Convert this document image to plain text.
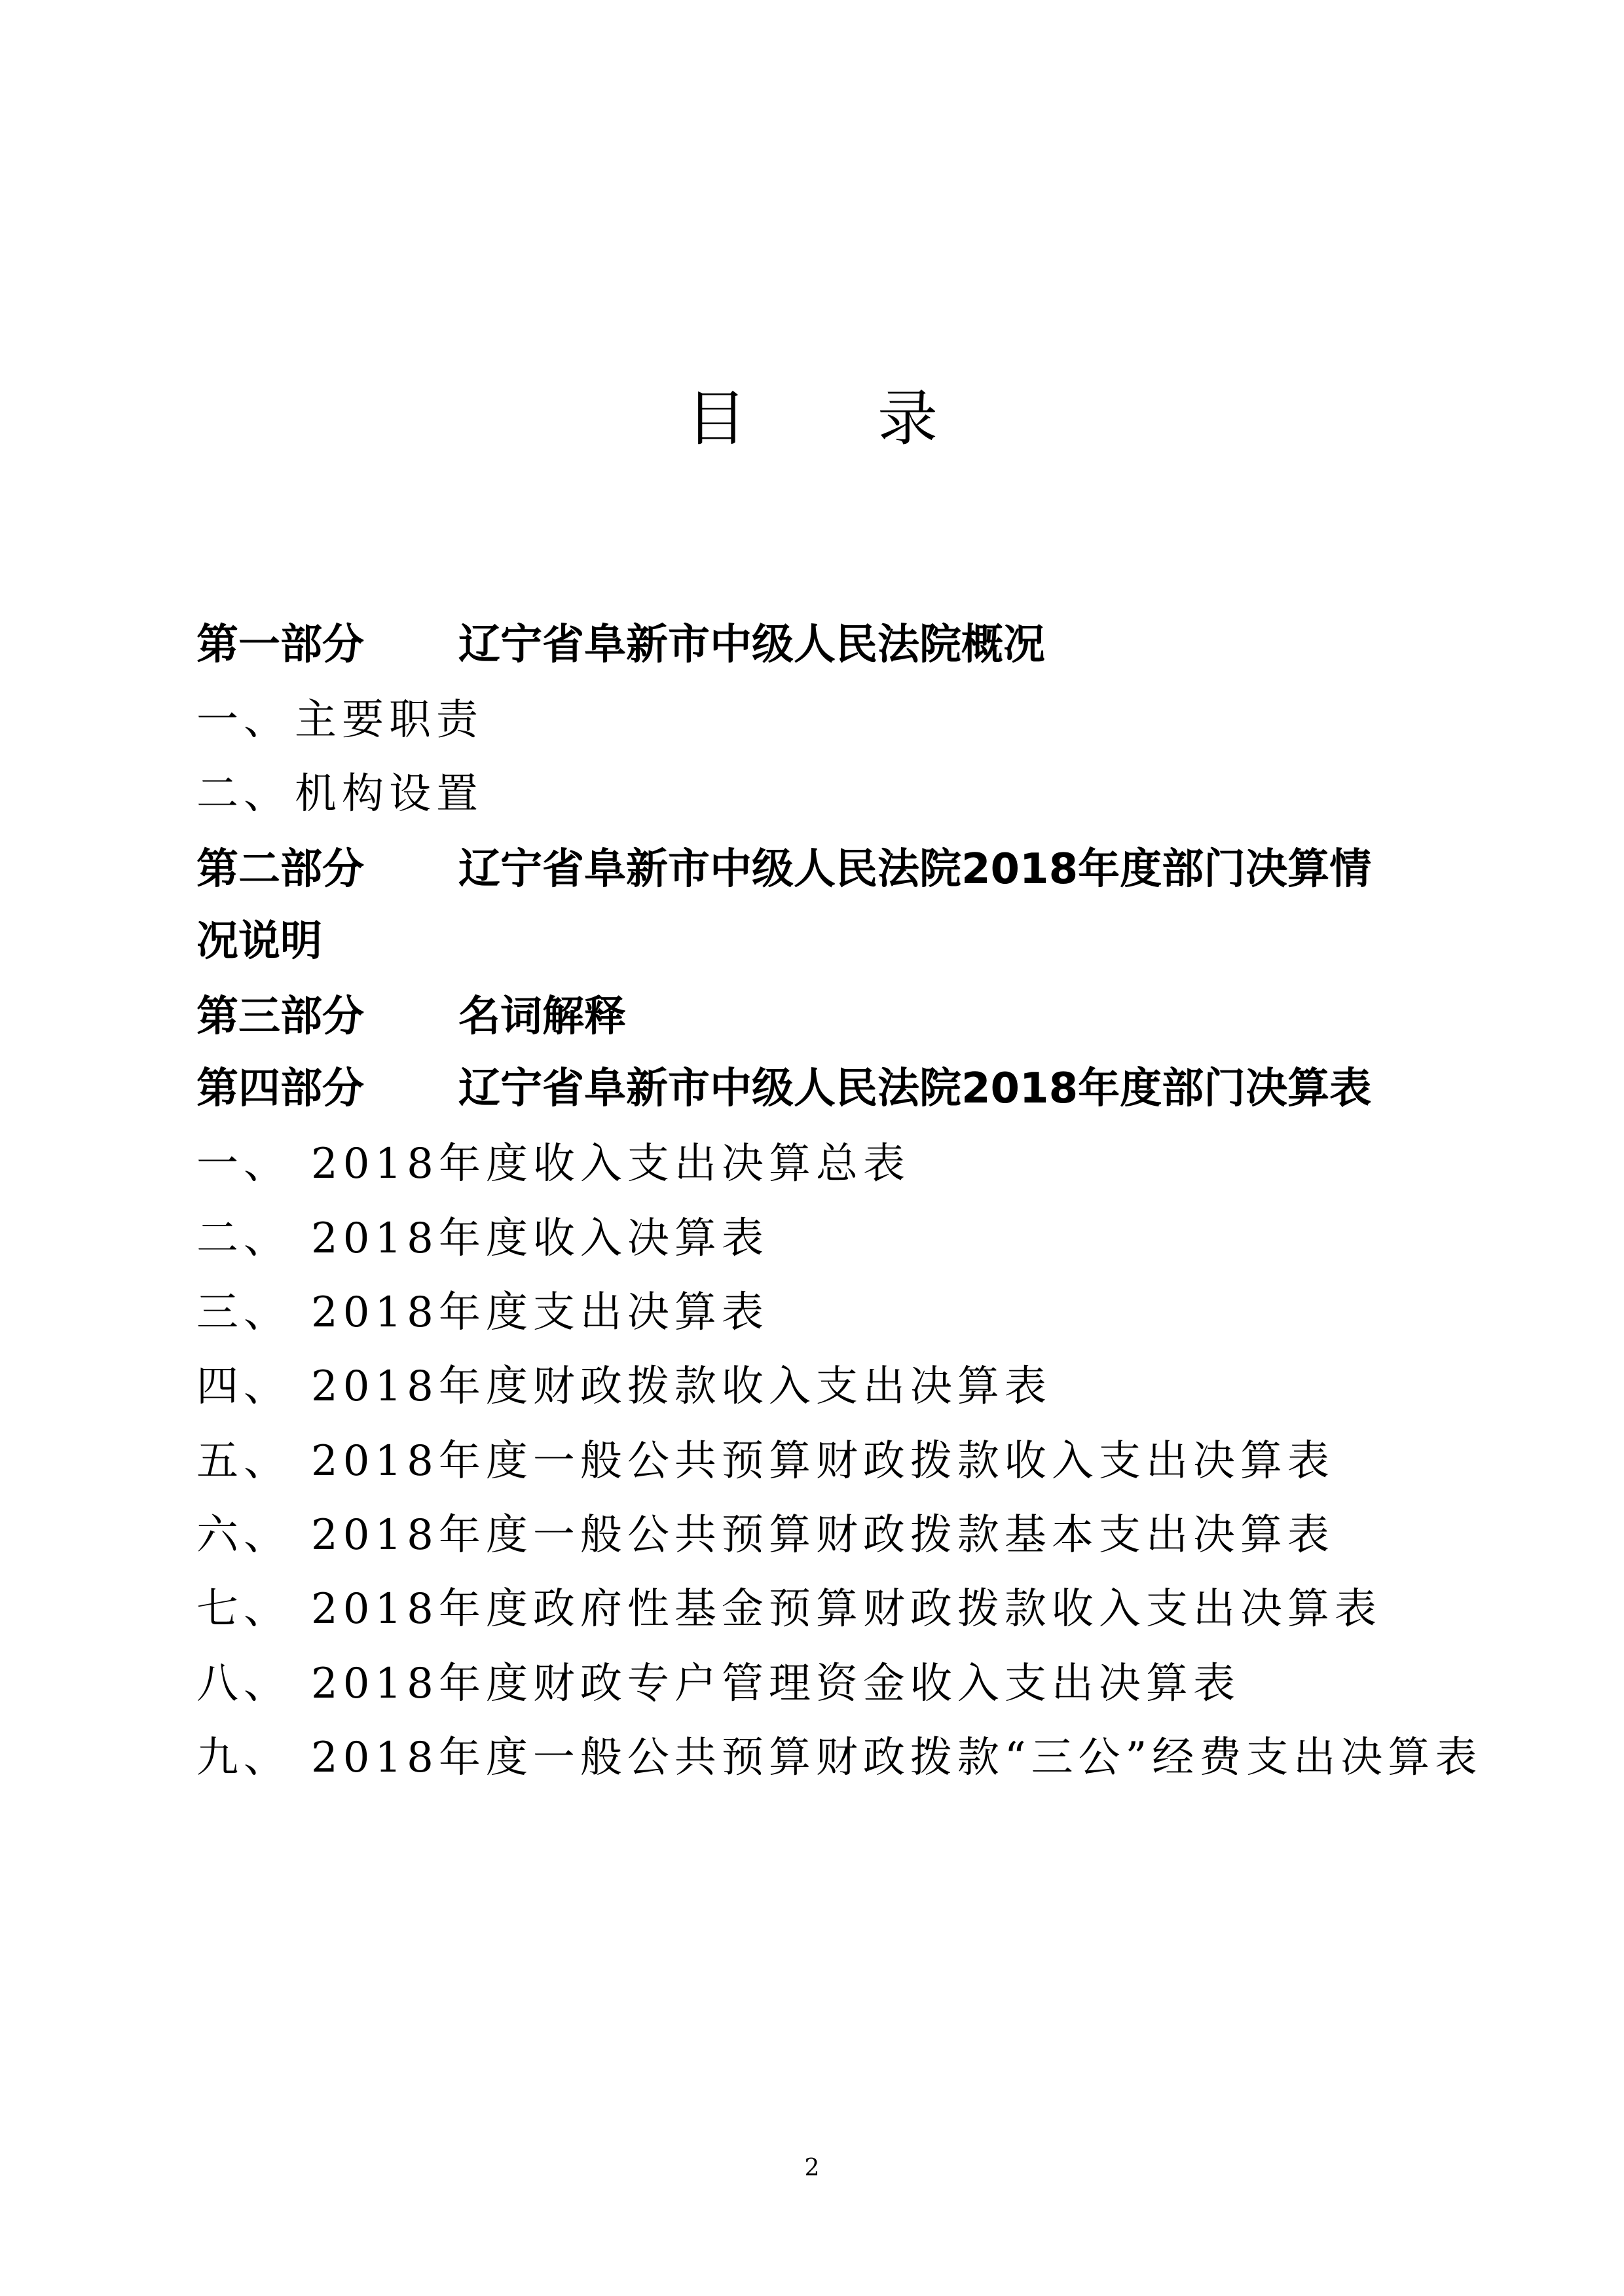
目 录
第一部分 辽宁省阜新市中级人民法院概况
一、主要职责
二、机构设置
第二部分 辽宁省阜新市中级人民法院2018年度部门决算情
况说明
第三部分 名词解释
第四部分 辽宁省阜新市中级人民法院2018年度部门决算表
一、 2018年度收入支出决算总表
二、 2018年度收入决算表
三、 2018年度支出决算表
四、 2018年度财政拨款收入支出决算表
五、 2018年度一般公共预算财政拨款收入支出决算表
六、 2018年度一般公共预算财政拨款基本支出决算表
七、 2018年度政府性基金预算财政拨款收入支出决算表
八、 2018年度财政专户管理资金收入支出决算表
九、 2018年度一般公共预算财政拨款“三公”经费支出决算表
2
